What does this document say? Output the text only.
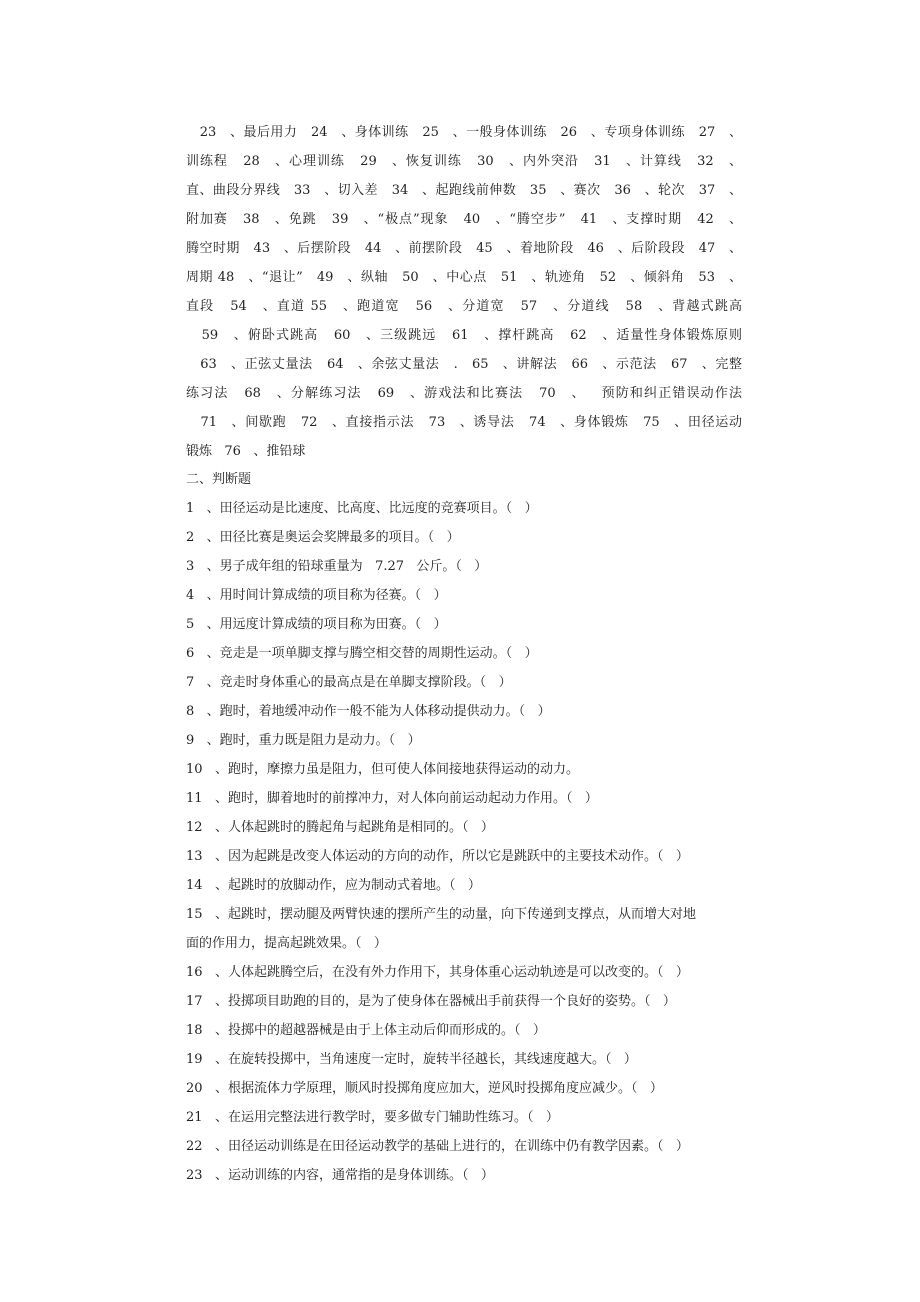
23   、最后用力   24   、身体训练   25   、一般身体训练   26   、专项身体训练   27   、
训练程   28   、心理训练   29   、恢复训练   30   、内外突沿   31   、计算线   32   、
直、曲段分界线   33   、切入差   34   、起跑线前伸数   35   、赛次   36   、轮次   37   、
附加赛   38   、免跳   39   、“极点”现象   40   、“腾空步”   41   、支撑时期   42   、
腾空时期   43   、后摆阶段   44   、前摆阶段   45   、着地阶段   46   、后阶段段   47   、
周期 48   、“退让”   49   、纵轴   50   、中心点   51   、轨迹角   52   、倾斜角   53   、
直段   54   、直道 55   、跑道宽   56   、分道宽   57   、分道线   58   、背越式跳高
59   、俯卧式跳高   60   、三级跳远   61   、撑杆跳高   62   、适量性身体锻炼原则
63   、正弦丈量法   64   、余弦丈量法   .   65   、讲解法   66   、示范法   67   、完整
练习法   68   、分解练习法   69   、游戏法和比赛法   70   、   预防和纠正错误动作法
71   、间歇跑   72   、直接指示法   73   、诱导法   74   、身体锻炼   75   、田径运动
锻炼   76   、推铅球
二、判断题
1   、田径运动是比速度、比高度、比远度的竞赛项目。（   ）
2   、田径比赛是奥运会奖牌最多的项目。（   ）
3   、男子成年组的铅球重量为   7.27   公斤。（   ）
4   、用时间计算成绩的项目称为径赛。（   ）
5   、用远度计算成绩的项目称为田赛。（   ）
6   、竞走是一项单脚支撑与腾空相交替的周期性运动。（   ）
7   、竞走时身体重心的最高点是在单脚支撑阶段。（   ）
8   、跑时，着地缓冲动作一般不能为人体移动提供动力。（   ）
9   、跑时，重力既是阻力是动力。（   ）
10   、跑时，摩擦力虽是阻力，但可使人体间接地获得运动的动力。
11   、跑时，脚着地时的前撑冲力，对人体向前运动起动力作用。（   ）
12   、人体起跳时的腾起角与起跳角是相同的。（   ）
13   、因为起跳是改变人体运动的方向的动作，所以它是跳跃中的主要技术动作。（   ）
14   、起跳时的放脚动作，应为制动式着地。（   ）
15   、起跳时，摆动腿及两臂快速的摆所产生的动量，向下传递到支撑点，从而增大对地
面的作用力，提高起跳效果。（   ）
16   、人体起跳腾空后，在没有外力作用下，其身体重心运动轨迹是可以改变的。（   ）
17   、投掷项目助跑的目的，是为了使身体在器械出手前获得一个良好的姿势。（   ）
18   、投掷中的超越器械是由于上体主动后仰而形成的。（   ）
19   、在旋转投掷中，当角速度一定时，旋转半径越长，其线速度越大。（   ）
20   、根据流体力学原理，顺风时投掷角度应加大，逆风时投掷角度应减少。（   ）
21   、在运用完整法进行教学时，要多做专门辅助性练习。（   ）
22   、田径运动训练是在田径运动教学的基础上进行的，在训练中仍有教学因素。（   ）
23   、运动训练的内容，通常指的是身体训练。（   ）
